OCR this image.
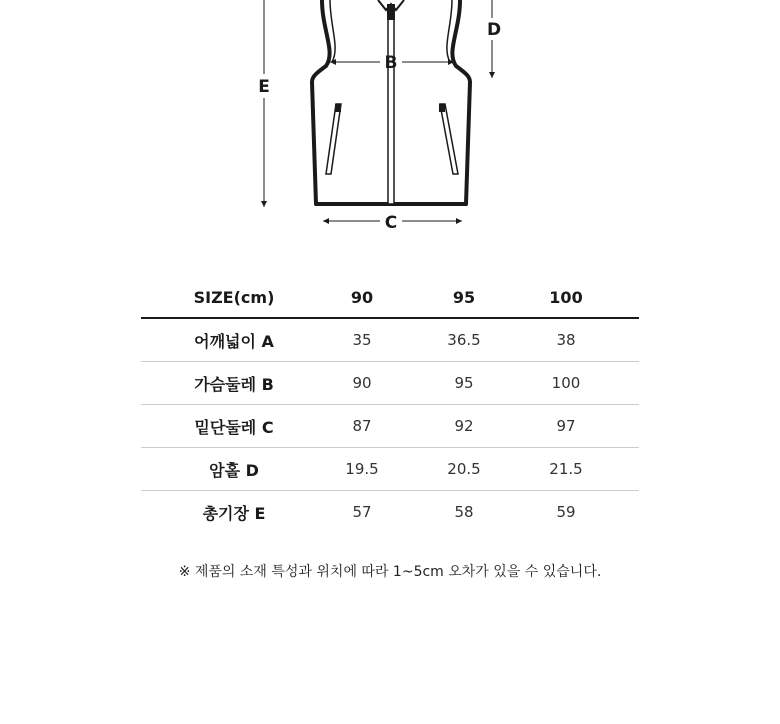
B
C
D
E
SIZE(cm)	90	95	100
어깨넓이 A	35	36.5	38
가슴둘레 B	90	95	100
밑단둘레 C	87	92	97
암홀 D	19.5	20.5	21.5
총기장 E	57	58	59
※ 제품의 소재 특성과 위치에 따라 1~5cm 오차가 있을 수 있습니다.
